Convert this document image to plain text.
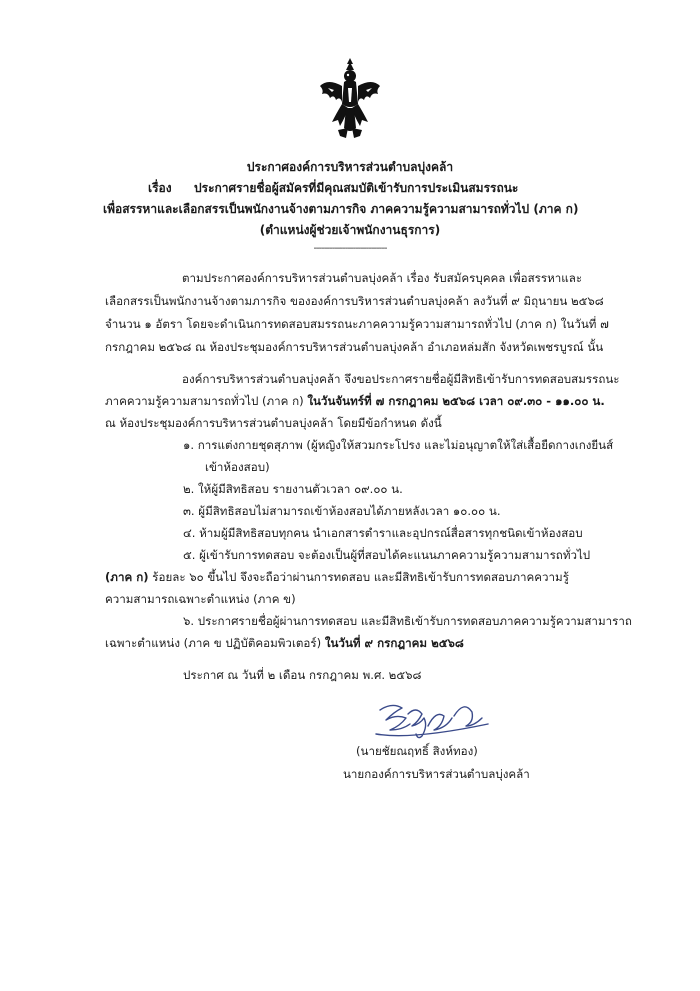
ประกาศองค์การบริหารส่วนตำบลบุ่งคล้า
เรื่อง ประกาศรายชื่อผู้สมัครที่มีคุณสมบัติเข้ารับการประเมินสมรรถนะ
เพื่อสรรหาและเลือกสรรเป็นพนักงานจ้างตามภารกิจ ภาคความรู้ความสามารถทั่วไป (ภาค ก)
(ตำแหน่งผู้ช่วยเจ้าพนักงานธุรการ)
----------------------------
ตามประกาศองค์การบริหารส่วนตำบลบุ่งคล้า เรื่อง รับสมัครบุคคล เพื่อสรรหาและ
เลือกสรรเป็นพนักงานจ้างตามภารกิจ ขององค์การบริหารส่วนตำบลบุ่งคล้า ลงวันที่ ๙ มิถุนายน ๒๕๖๘
จำนวน ๑ อัตรา โดยจะดำเนินการทดสอบสมรรถนะภาคความรู้ความสามารถทั่วไป (ภาค ก) ในวันที่ ๗
กรกฎาคม ๒๕๖๘ ณ ห้องประชุมองค์การบริหารส่วนตำบลบุ่งคล้า อำเภอหล่มสัก จังหวัดเพชรบูรณ์ นั้น
องค์การบริหารส่วนตำบลบุ่งคล้า จึงขอประกาศรายชื่อผู้มีสิทธิเข้ารับการทดสอบสมรรถนะ
ภาคความรู้ความสามารถทั่วไป (ภาค ก) ในวันจันทร์ที่ ๗ กรกฎาคม ๒๕๖๘ เวลา ๐๙.๓๐ - ๑๑.๐๐ น.
ณ ห้องประชุมองค์การบริหารส่วนตำบลบุ่งคล้า โดยมีข้อกำหนด ดังนี้
๑. การแต่งกายชุดสุภาพ (ผู้หญิงให้สวมกระโปรง และไม่อนุญาตให้ใส่เสื้อยืดกางเกงยีนส์
เข้าห้องสอบ)
๒. ให้ผู้มีสิทธิสอบ รายงานตัวเวลา ๐๙.๐๐ น.
๓. ผู้มีสิทธิสอบไม่สามารถเข้าห้องสอบได้ภายหลังเวลา ๑๐.๐๐ น.
๔. ห้ามผู้มีสิทธิสอบทุกคน นำเอกสารตำราและอุปกรณ์สื่อสารทุกชนิดเข้าห้องสอบ
๕. ผู้เข้ารับการทดสอบ จะต้องเป็นผู้ที่สอบได้คะแนนภาคความรู้ความสามารถทั่วไป
(ภาค ก) ร้อยละ ๖๐ ขึ้นไป จึงจะถือว่าผ่านการทดสอบ และมีสิทธิเข้ารับการทดสอบภาคความรู้
ความสามารถเฉพาะตำแหน่ง (ภาค ข)
๖. ประกาศรายชื่อผู้ผ่านการทดสอบ และมีสิทธิเข้ารับการทดสอบภาคความรู้ความสามาราถ
เฉพาะตำแหน่ง (ภาค ข ปฏิบัติคอมพิวเตอร์) ในวันที่ ๙ กรกฎาคม ๒๕๖๘
ประกาศ ณ วันที่ ๒ เดือน กรกฎาคม พ.ศ. ๒๕๖๘
(นายชัยณฤทธิ์ สิงห์ทอง)
นายกองค์การบริหารส่วนตำบลบุ่งคล้า
